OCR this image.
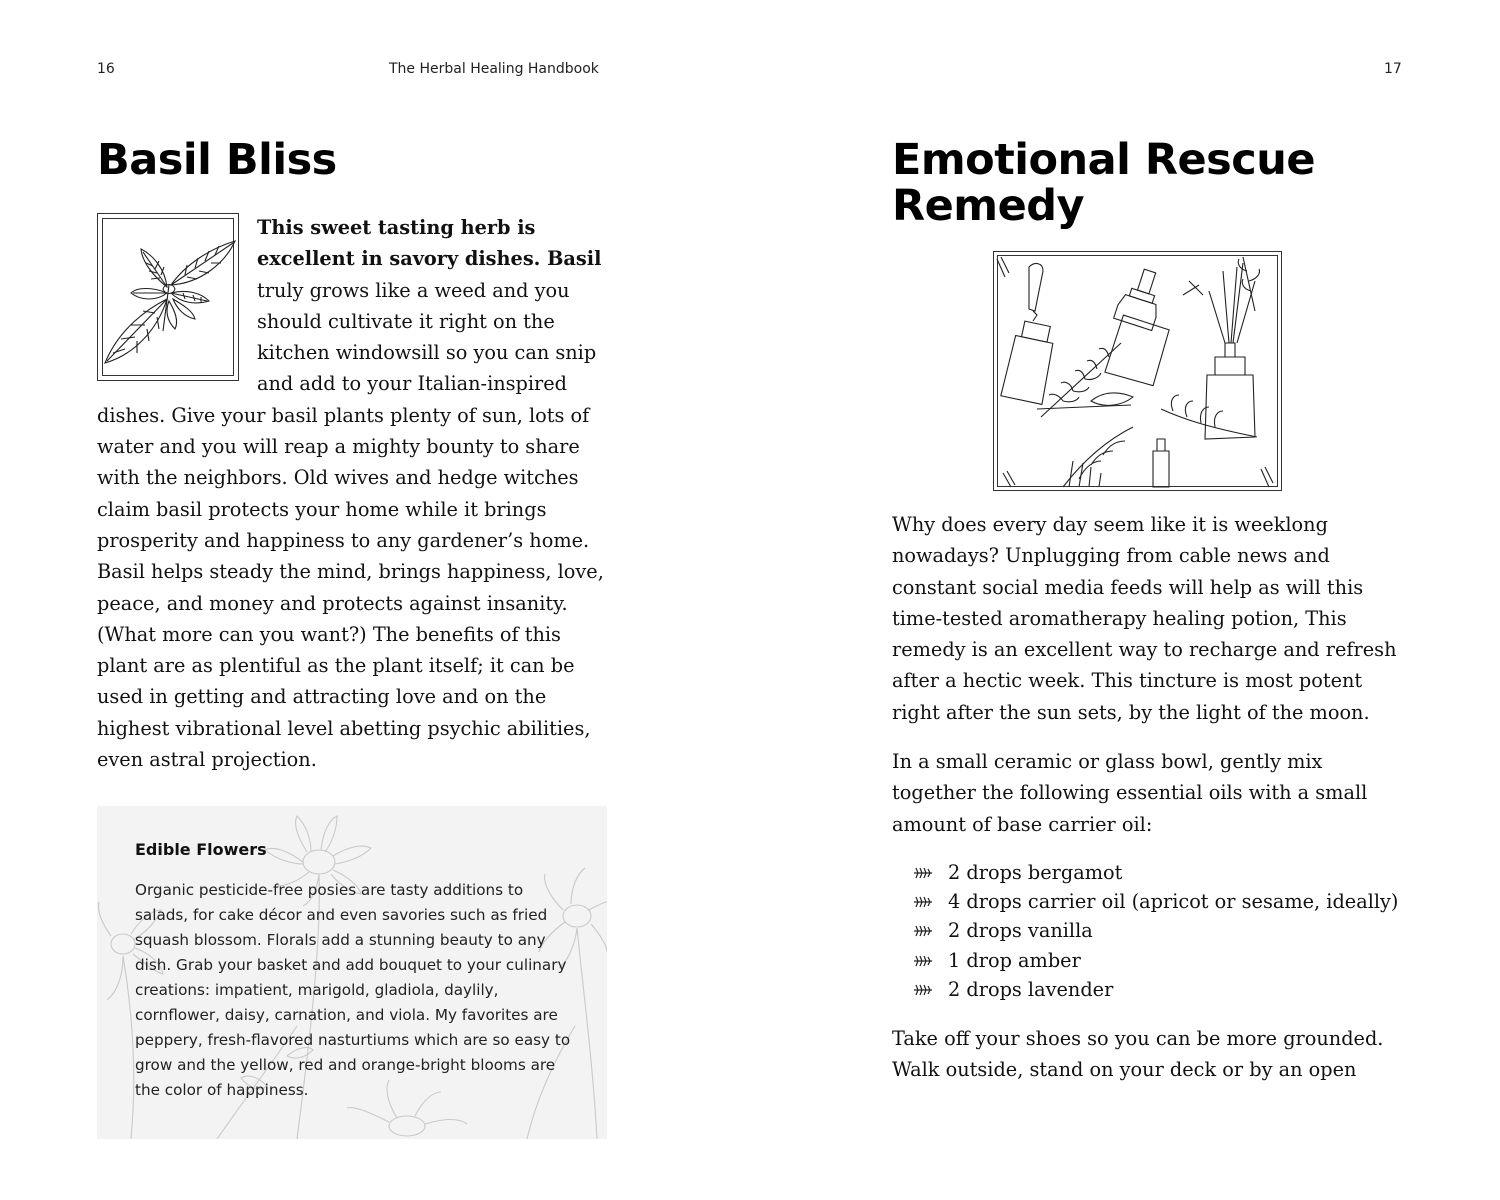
16	The Herbal Healing Handbook	17
Basil Bliss
This sweet tasting herb is excellent in savory dishes. Basil truly grows like a weed and you should cultivate it right on the kitchen windowsill so you can snip and add to your Italian-inspired dishes. Give your basil plants plenty of sun, lots of water and you will reap a mighty bounty to share with the neighbors. Old wives and hedge witches claim basil protects your home while it brings prosperity and happiness to any gardener’s home. Basil helps steady the mind, brings happiness, love, peace, and money and protects against insanity. (What more can you want?) The benefits of this plant are as plentiful as the plant itself; it can be used in getting and attracting love and on the highest vibrational level abetting psychic abilities, even astral projection.
Edible Flowers

Organic pesticide-free posies are tasty additions to salads, for cake décor and even savories such as fried squash blossom. Florals add a stunning beauty to any dish. Grab your basket and add bouquet to your culinary creations: impatient, marigold, gladiola, daylily, cornflower, daisy, carnation, and viola. My favorites are peppery, fresh-flavored nasturtiums which are so easy to grow and the yellow, red and orange-bright blooms are the color of happiness.

Emotional Rescue
Remedy

Why does every day seem like it is weeklong nowadays? Unplugging from cable news and constant social media feeds will help as will this time-tested aromatherapy healing potion, This remedy is an excellent way to recharge and refresh after a hectic week. This tincture is most potent right after the sun sets, by the light of the moon.

In a small ceramic or glass bowl, gently mix together the following essential oils with a small amount of base carrier oil:

2 drops bergamot
4 drops carrier oil (apricot or sesame, ideally)
2 drops vanilla
1 drop amber
2 drops lavender

Take off your shoes so you can be more grounded. Walk outside, stand on your deck or by an open
